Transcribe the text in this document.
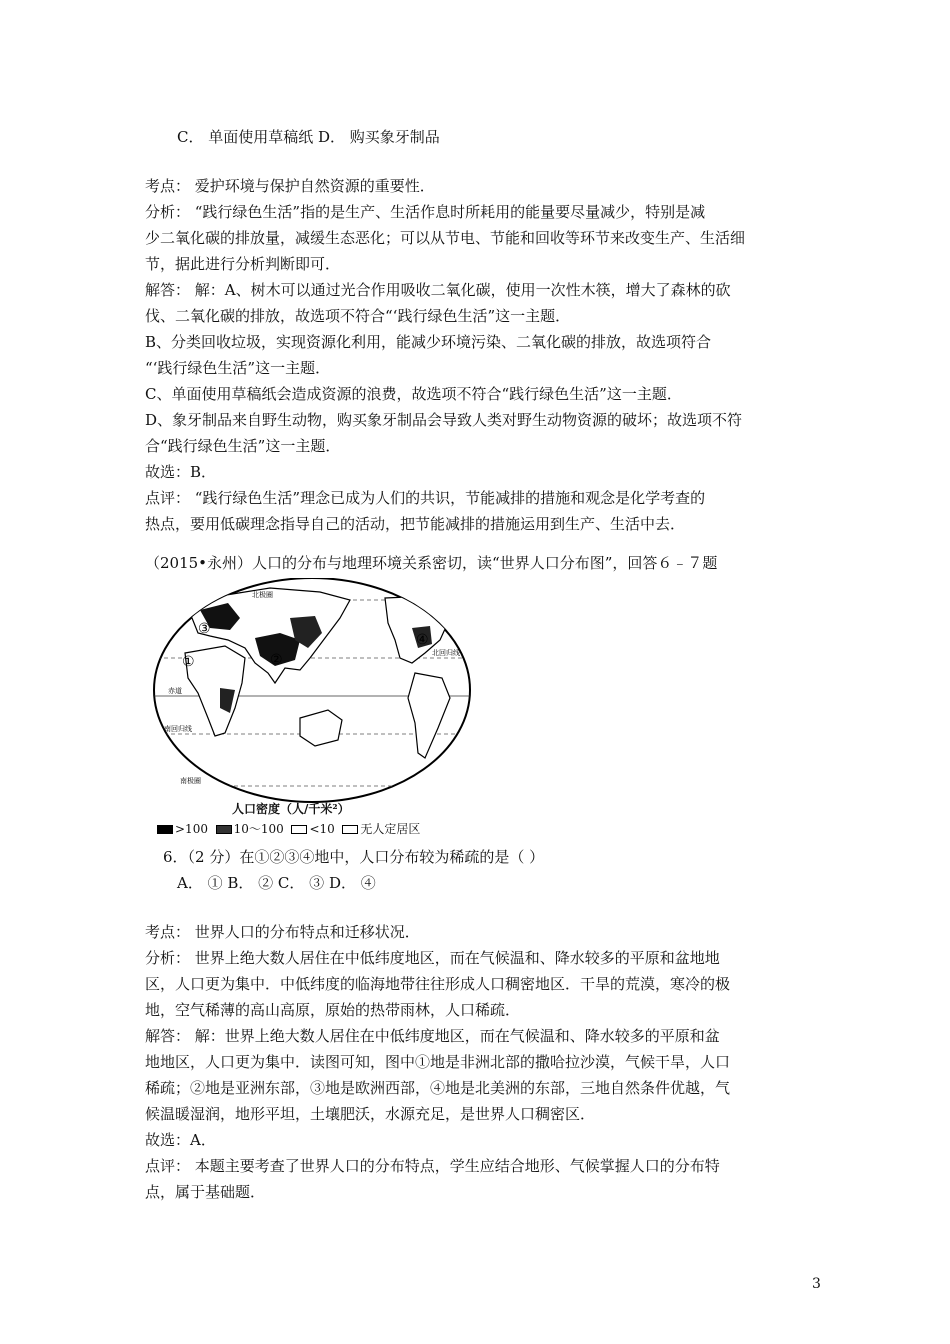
C． 单面使用草稿纸 D． 购买象牙制品
考点： 爱护环境与保护自然资源的重要性．
分析： “践行绿色生活”指的是生产、生活作息时所耗用的能量要尽量减少，特别是减
少二氧化碳的排放量，减缓生态恶化；可以从节电、节能和回收等环节来改变生产、生活细
节，据此进行分析判断即可．
解答： 解：A、树木可以通过光合作用吸收二氧化碳，使用一次性木筷，增大了森林的砍
伐、二氧化碳的排放，故选项不符合“‘践行绿色生活”这一主题．
B、分类回收垃圾，实现资源化利用，能减少环境污染、二氧化碳的排放，故选项符合
“‘践行绿色生活”这一主题．
C、单面使用草稿纸会造成资源的浪费，故选项不符合“践行绿色生活”这一主题．
D、象牙制品来自野生动物，购买象牙制品会导致人类对野生动物资源的破坏；故选项不符
合“践行绿色生活”这一主题．
故选：B．
点评： “践行绿色生活”理念已成为人们的共识，节能减排的措施和观念是化学考查的
热点，要用低碳理念指导自己的活动，把节能减排的措施运用到生产、生活中去．
（2015•永州）人口的分布与地理环境关系密切，读“世界人口分布图”，回答６﹣７题
北极圈
北回归线
赤道
南回归线
南极圈
①	②
③
④
人口密度（人/千米²）
>100 10～100 <10 无人定居区
6．（2 分）在①②③④地中，人口分布较为稀疏的是（ ）
A． ① B． ② C． ③ D． ④
考点： 世界人口的分布特点和迁移状况．
分析： 世界上绝大数人居住在中低纬度地区，而在气候温和、降水较多的平原和盆地地
区，人口更为集中．中低纬度的临海地带往往形成人口稠密地区．干旱的荒漠，寒冷的极
地，空气稀薄的高山高原，原始的热带雨林，人口稀疏．
解答： 解：世界上绝大数人居住在中低纬度地区，而在气候温和、降水较多的平原和盆
地地区，人口更为集中．读图可知，图中①地是非洲北部的撒哈拉沙漠，气候干旱，人口
稀疏；②地是亚洲东部，③地是欧洲西部，④地是北美洲的东部，三地自然条件优越，气
候温暖湿润，地形平坦，土壤肥沃，水源充足，是世界人口稠密区．
故选：A．
点评： 本题主要考查了世界人口的分布特点，学生应结合地形、气候掌握人口的分布特
点，属于基础题．
3
